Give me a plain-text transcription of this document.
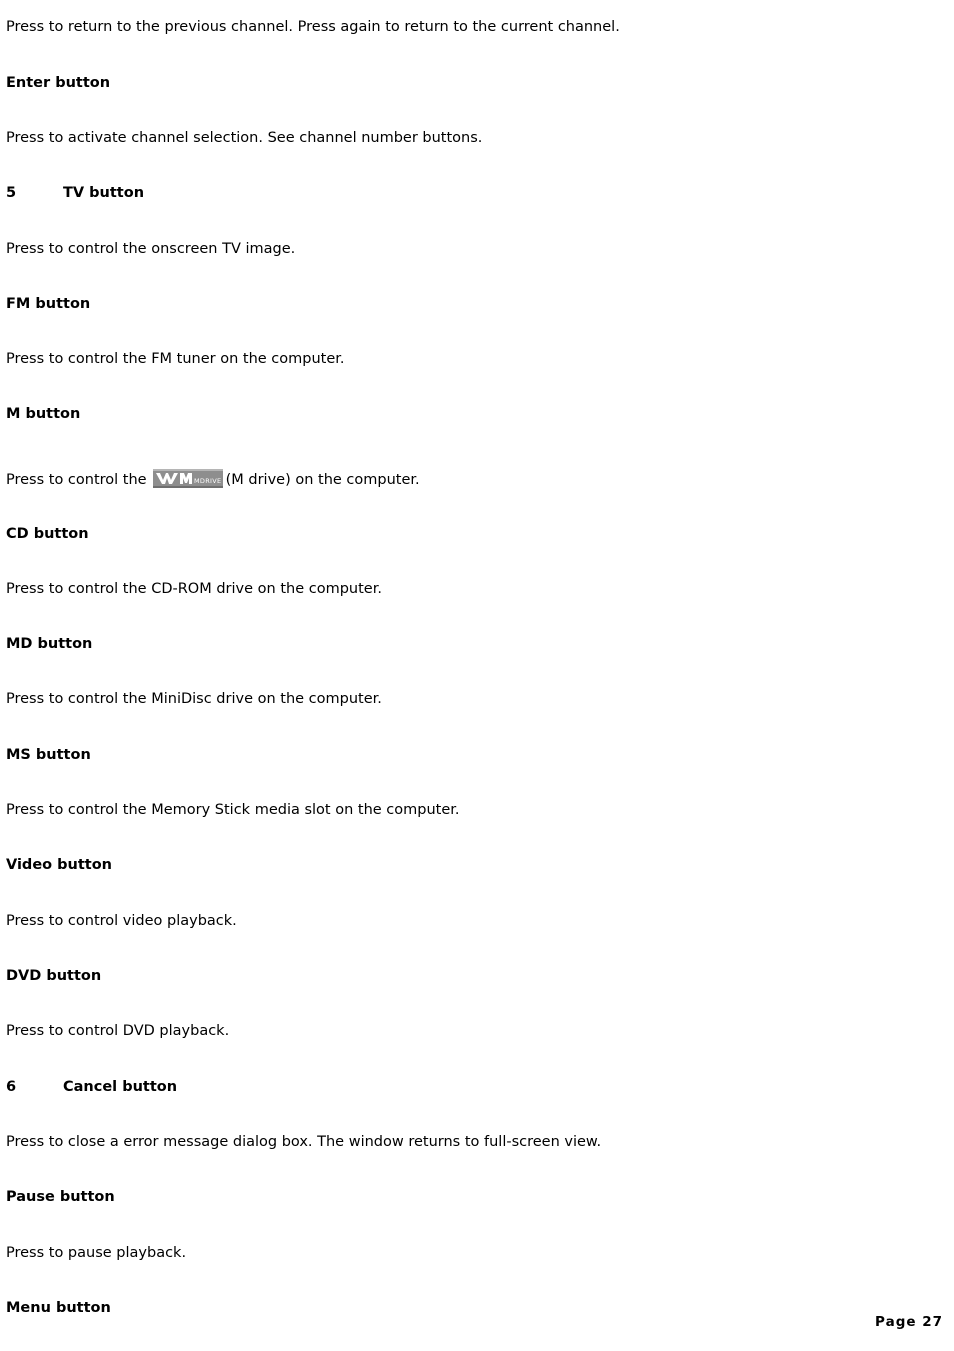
Press to return to the previous channel. Press again to return to the current channel.
Enter button
Press to activate channel selection. See channel number buttons.
5	TV button
Press to control the onscreen TV image.
FM button
Press to control the FM tuner on the computer.
M button
Press to control the	MDRIVE (M drive) on the computer.
CD button
Press to control the CD-ROM drive on the computer.
MD button
Press to control the MiniDisc drive on the computer.
MS button
Press to control the Memory Stick media slot on the computer.
Video button
Press to control video playback.
DVD button
Press to control DVD playback.
6	Cancel button
Press to close a error message dialog box. The window returns to full-screen view.
Pause button
Press to pause playback.
Menu button
Page 27
